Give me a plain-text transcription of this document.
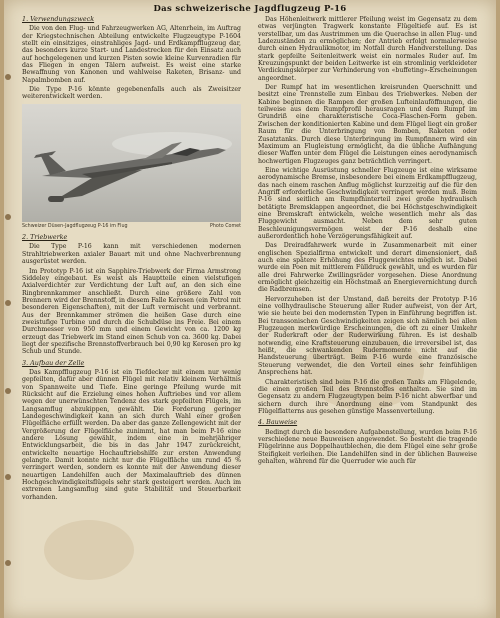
Das schweizerische Jagdflugzeug P-16
1. Verwendungszweck

Die von den Flug- und Fahrzeugwerken AG, Altenrhein, im Auftrag der Kriegstechnischen Abteilung entwickelte Flugzeugtype P-1604 stellt ein einsitziges, einstrahliges Jagd- und Erdkampfflugzeug dar, das besonders kurze Start- und Landestrecken für den Einsatz auch auf hochgelegenen und kurzen Pisten sowie kleine Kurvenradien für das Fliegen in engen Tälern aufweist. Es weist eine starke Bewaffnung von Kanonen und wahlweise Raketen, Brisanz- und Napalmbomben auf.

Die Type P-16 könnte gegebenenfalls auch als Zweisitzer weiterentwickelt werden.

Schweizer Düsen-Jagdflugzeug P-16 im Flug	Photo Comet
2. Triebwerke

Die Type P-16 kann mit verschiedenen modernen Strahltriebwerken axialer Bauart mit und ohne Nachverbrennung ausgerüstet werden.

Im Prototyp P-16 ist ein Sapphire-Triebwerk der Firma Armstrong Siddeley eingebaut. Es weist als Hauptteile einen vielstufigen Axialverdichter zur Verdichtung der Luft auf, an den sich eine Ringbrennkammer anschließt. Durch eine größere Zahl von Brennern wird der Brennstoff, in diesem Falle Kerosen (ein Petrol mit besonderen Eigenschaften), mit der Luft vermischt und verbrannt. Aus der Brennkammer strömen die heißen Gase durch eine zweistufige Turbine und durch die Schubdüse ins Freie. Bei einem Durchmesser von 950 mm und einem Gewicht von ca. 1200 kg erzeugt das Triebwerk im Stand einen Schub von ca. 3600 kg. Dabei liegt der spezifische Brennstoffverbrauch bei 0,90 kg Kerosen pro kg Schub und Stunde.

3. Aufbau der Zelle

Das Kampfflugzeug P-16 ist ein Tiefdecker mit einem nur wenig gepfeilten, dafür aber dünnen Flügel mit relativ kleinem Verhältnis von Spannweite und Tiefe. Eine geringe Pfeilung wurde mit Rücksicht auf die Erzielung eines hohen Auftriebes und vor allem wegen der unerwünschten Tendenz des stark gepfeilten Flügels, im Langsamflug abzukippen, gewählt. Die Forderung geringer Landegeschwindigkeit kann an sich durch Wahl einer großen Flügelfläche erfüllt werden. Da aber das ganze Zellengewicht mit der Vergrößerung der Flügelfläche zunimmt, hat man beim P-16 eine andere Lösung gewählt, indem eine in mehrjähriger Entwicklungsarbeit, die bis in das Jahr 1947 zurückreicht, entwickelte neuartige Hochauftriebshilfe zur ersten Anwendung gelangte. Damit konnte nicht nur die Flügelfläche um rund 45 % verringert werden, sondern es konnte mit der Anwendung dieser neuartigen Landehilfen auch der Maximalauftrieb des dünnen Hochgeschwindigkeitsflügels sehr stark gesteigert werden. Auch im extremen Langsamflug sind gute Stabilität und Steuerbarkeit vorhanden.

Das Höhenleitwerk mittlerer Pfeilung weist im Gegensatz zu dem etwas verjüngten Tragwerk konstante Flügeltiefe auf. Es ist verstellbar, um das Austrimmen um die Querachse in allen Flug- und Ladezuständen zu ermöglichen; der Antrieb erfolgt normalerweise durch einen Hydraulikmotor, im Notfall durch Handverstellung. Das stark gepfeilte Seitenleitwerk weist ein normales Ruder auf. Im Kreuzungspunkt der beiden Leitwerke ist ein stromlinig verkleideter Verdickungskörper zur Verhinderung von «buffeting»-Erscheinungen angeordnet.

Der Rumpf hat im wesentlichen kreisrunden Querschnitt und besitzt eine Trennstelle zum Einbau des Triebwerkes. Neben der Kabine beginnen die Rampen der großen Lufteinlauföffnungen, die teilweise aus dem Rumpfprofil herausragen und dem Rumpf im Grundriß eine charakteristische Coca-Flaschen-Form geben. Zwischen der konditionierten Kabine und dem Flügel liegt ein großer Raum für die Unterbringung von Bomben, Raketen oder Zusatztanks. Durch diese Unterbringung im Rumpfinnern wird ein Maximum an Flugleistung ermöglicht, da die übliche Aufhängung dieser Waffen unter dem Flügel die Leistungen eines aerodynamisch hochwertigen Flugzeuges ganz beträchtlich verringert.

Eine wichtige Ausrüstung schneller Flugzeuge ist eine wirksame aerodynamische Bremse, insbesondere bei einem Erdkampfflugzeug, das nach einem raschen Anflug möglichst kurzzeitig auf die für den Angriff erforderliche Geschwindigkeit verringert werden muß. Beim P-16 sind seitlich am Rumpfhinterteil zwei große hydraulisch betätigte Bremsklappen angeordnet, die bei Höchstgeschwindigkeit eine Bremskraft entwickeln, welche wesentlich mehr als das Fluggewicht ausmacht. Neben dem sehr guten Beschleunigungsvermögen weist der P-16 deshalb eine außerordentlich hohe Verzögerungsfähigkeit auf.

Das Dreiradfahrwerk wurde in Zusammenarbeit mit einer englischen Spezialfirma entwickelt und derart dimensioniert, daß auch eine spätere Erhöhung des Fluggewichtes möglich ist. Dabei wurde ein Poen mit mittlerem Fülldruck gewählt, und es wurden für alle drei Fahrwerke Zwillingsräder vorgesehen. Diese Anordnung ermöglicht gleichzeitig ein Höchstmaß an Energievernichtung durch die Radbremsen.

Hervorzuheben ist der Umstand, daß bereits der Prototyp P-16 eine vollhydraulische Steuerung aller Ruder aufweist, von der Art, wie sie heute bei den modernsten Typen in Einführung begriffen ist. Bei transsonischen Geschwindigkeiten zeigen sich nämlich bei allen Flugzeugen merkwürdige Erscheinungen, die oft zu einer Umkehr der Ruderkraft oder der Ruderwirkung führen. Es ist deshalb notwendig, eine Kraftsteuerung einzubauen, die irreversibel ist, das heißt, die schwankenden Rudermomente nicht auf die Handsteuerung überträgt. Beim P-16 wurde eine französische Steuerung verwendet, die den Vorteil eines sehr feinfühligen Ansprechens hat.

Charakteristisch sind beim P-16 die großen Tanks am Flügelende, die einen großen Teil des Brennstoffes enthalten. Sie sind im Gegensatz zu andern Flugzeugtypen beim P-16 nicht abwerfbar und sichern durch ihre Anordnung eine vom Standpunkt des Flügelflatterns aus gesehen günstige Massenverteilung.

4. Bauweise

Bedingt durch die besondere Aufgabenstellung, wurden beim P-16 verschiedene neue Bauweisen angewendet. So besteht die tragende Flügelrinne aus Doppelhautblechen, die dem Flügel eine sehr große Steifigkeit verleihen. Die Landehilfen sind in der üblichen Bauweise gehalten, während für die Querruder wie auch für
